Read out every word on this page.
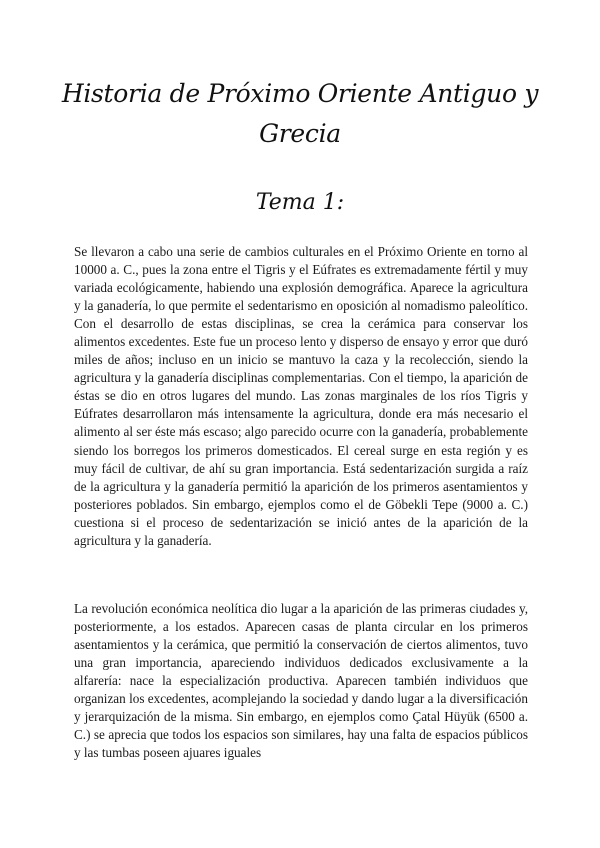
Historia de Próximo Oriente Antiguo y Grecia
Tema 1:

Se llevaron a cabo una serie de cambios culturales en el Próximo Oriente en torno al 10000 a. C., pues la zona entre el Tigris y el Eúfrates es extremadamente fértil y muy variada ecológicamente, habiendo una explosión demográfica. Aparece la agricultura y la ganadería, lo que permite el sedentarismo en oposición al nomadismo paleolítico. Con el desarrollo de estas disciplinas, se crea la cerámica para conservar los alimentos excedentes. Este fue un proceso lento y disperso de ensayo y error que duró miles de años; incluso en un inicio se mantuvo la caza y la recolección, siendo la agricultura y la ganadería disciplinas complementarias. Con el tiempo, la aparición de éstas se dio en otros lugares del mundo. Las zonas marginales de los ríos Tigris y Eúfrates desarrollaron más intensamente la agricultura, donde era más necesario el alimento al ser éste más escaso; algo parecido ocurre con la ganadería, probablemente siendo los borregos los primeros domesticados. El cereal surge en esta región y es muy fácil de cultivar, de ahí su gran importancia. Está sedentarización surgida a raíz de la agricultura y la ganadería permitió la aparición de los primeros asentamientos y posteriores poblados. Sin embargo, ejemplos como el de Göbekli Tepe (9000 a. C.) cuestiona si el proceso de sedentarización se inició antes de la aparición de la agricultura y la ganadería.

La revolución económica neolítica dio lugar a la aparición de las primeras ciudades y, posteriormente, a los estados. Aparecen casas de planta circular en los primeros asentamientos y la cerámica, que permitió la conservación de ciertos alimentos, tuvo una gran importancia, apareciendo individuos dedicados exclusivamente a la alfarería: nace la especialización productiva. Aparecen también individuos que organizan los excedentes, acomplejando la sociedad y dando lugar a la diversificación y jerarquización de la misma. Sin embargo, en ejemplos como Çatal Hüyük (6500 a. C.) se aprecia que todos los espacios son similares, hay una falta de espacios públicos y las tumbas poseen ajuares iguales
